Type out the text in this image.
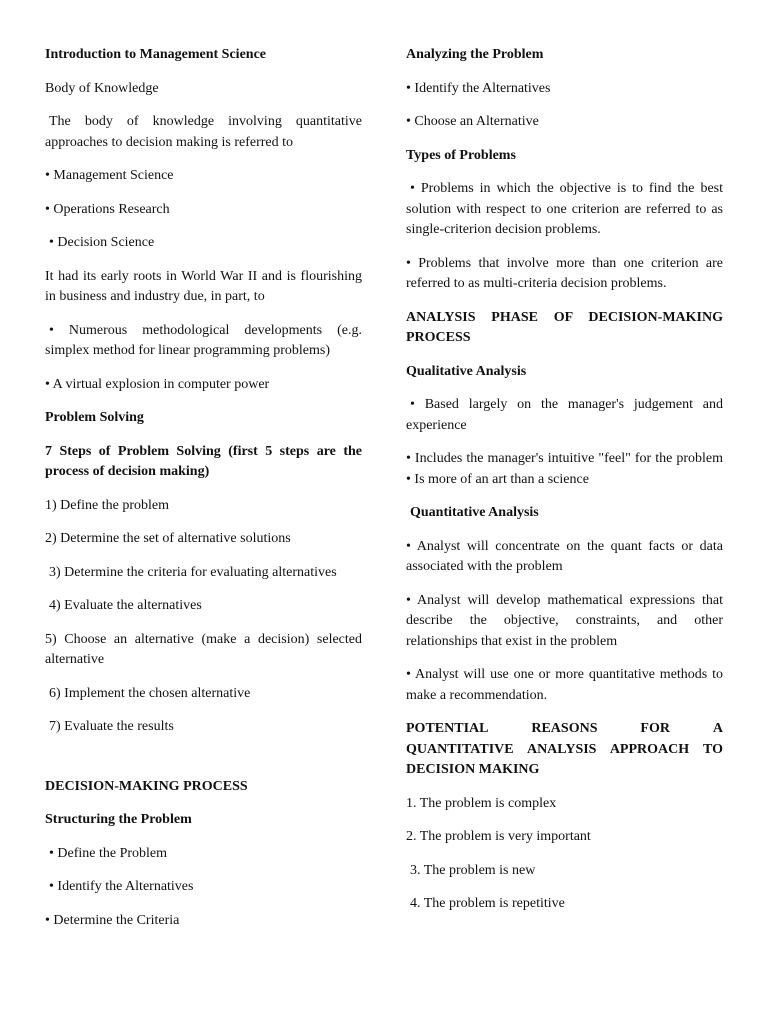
Introduction to Management Science

Body of Knowledge

The body of knowledge involving quantitative approaches to decision making is referred to

• Management Science

• Operations Research

• Decision Science

It had its early roots in World War II and is flourishing in business and industry due, in part, to

• Numerous methodological developments (e.g. simplex method for linear programming problems)

• A virtual explosion in computer power

Problem Solving

7 Steps of Problem Solving (first 5 steps are the process of decision making)

1) Define the problem

2) Determine the set of alternative solutions

3) Determine the criteria for evaluating alternatives

4) Evaluate the alternatives

5) Choose an alternative (make a decision) selected alternative

6) Implement the chosen alternative

7) Evaluate the results

DECISION-MAKING PROCESS

Structuring the Problem

• Define the Problem

• Identify the Alternatives

• Determine the Criteria

Analyzing the Problem

• Identify the Alternatives

• Choose an Alternative

Types of Problems

• Problems in which the objective is to find the best solution with respect to one criterion are referred to as single-criterion decision problems.

• Problems that involve more than one criterion are referred to as multi-criteria decision problems.

ANALYSIS PHASE OF DECISION-MAKING PROCESS

Qualitative Analysis

• Based largely on the manager's judgement and experience

• Includes the manager's intuitive "feel" for the problem • Is more of an art than a science

Quantitative Analysis

• Analyst will concentrate on the quant facts or data associated with the problem

• Analyst will develop mathematical expressions that describe the objective, constraints, and other relationships that exist in the problem

• Analyst will use one or more quantitative methods to make a recommendation.

POTENTIAL	REASONS	FOR	A
QUANTITATIVE ANALYSIS APPROACH TO DECISION MAKING

1. The problem is complex

2. The problem is very important

3. The problem is new

4. The problem is repetitive
